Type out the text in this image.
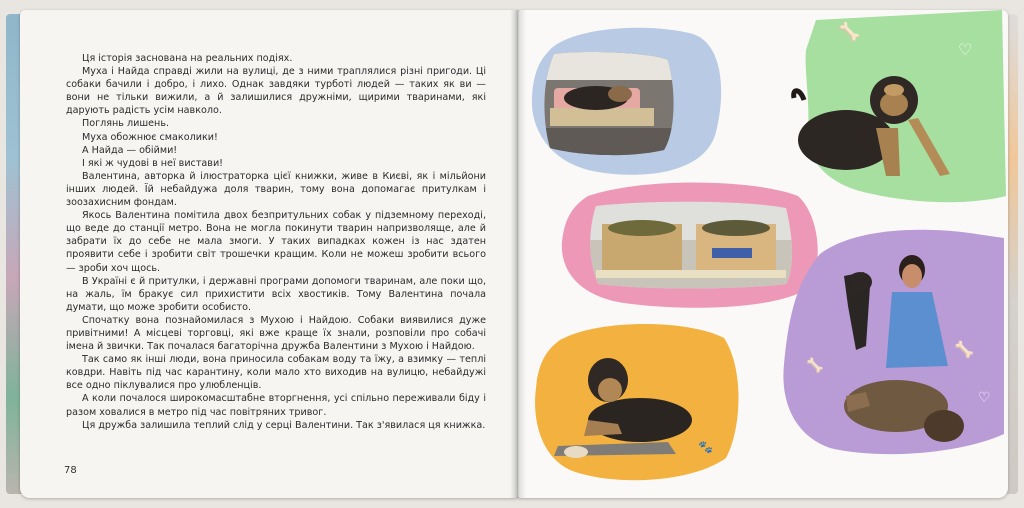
Ця історія заснована на реальних подіях.

Муха і Найда справді жили на вулиці, де з ними траплялися різні пригоди. Ці собаки бачили і добро, і лихо. Однак завдяки турботі людей — таких як ви — вони не тільки вижили, а й залишилися дружніми, щирими тваринами, які дарують радість усім навколо.

Поглянь лишень.

Муха обожнює смаколики!

А Найда — обійми!

І які ж чудові в неї вистави!

Валентина, авторка й ілюстраторка цієї книжки, живе в Києві, як і мільйони інших людей. Їй небайдужа доля тварин, тому вона допомагає притулкам і зоозахисним фондам.

Якось Валентина помітила двох безпритульних собак у підземному переході, що веде до станції метро. Вона не могла покинути тварин напризволяще, але й забрати їх до себе не мала змоги. У таких випадках кожен із нас здатен проявити себе і зробити світ трошечки кращим. Коли не можеш зробити всього — зроби хоч щось.

В Україні є й притулки, і державні програми допомоги тваринам, але поки що, на жаль, їм бракує сил прихистити всіх хвостиків. Тому Валентина почала думати, що може зробити особисто.

Спочатку вона познайомилася з Мухою і Найдою. Собаки виявилися дуже привітними! А місцеві торговці, які вже краще їх знали, розповіли про собачі імена й звички. Так почалася багаторічна дружба Валентини з Мухою і Найдою.

Так само як інші люди, вона приносила собакам воду та їжу, а взимку — теплі ковдри. Навіть під час карантину, коли мало хто виходив на вулицю, небайдужі все одно піклувалися про улюбленців.

А коли почалося широкомасштабне вторгнення, усі спільно переживали біду і разом ховалися в метро під час повітряних тривог.

Ця дружба залишила теплий слід у серці Валентини. Так з'явилася ця книжка.

78
🦴
♡
🦴
♡
🦴
🐾
